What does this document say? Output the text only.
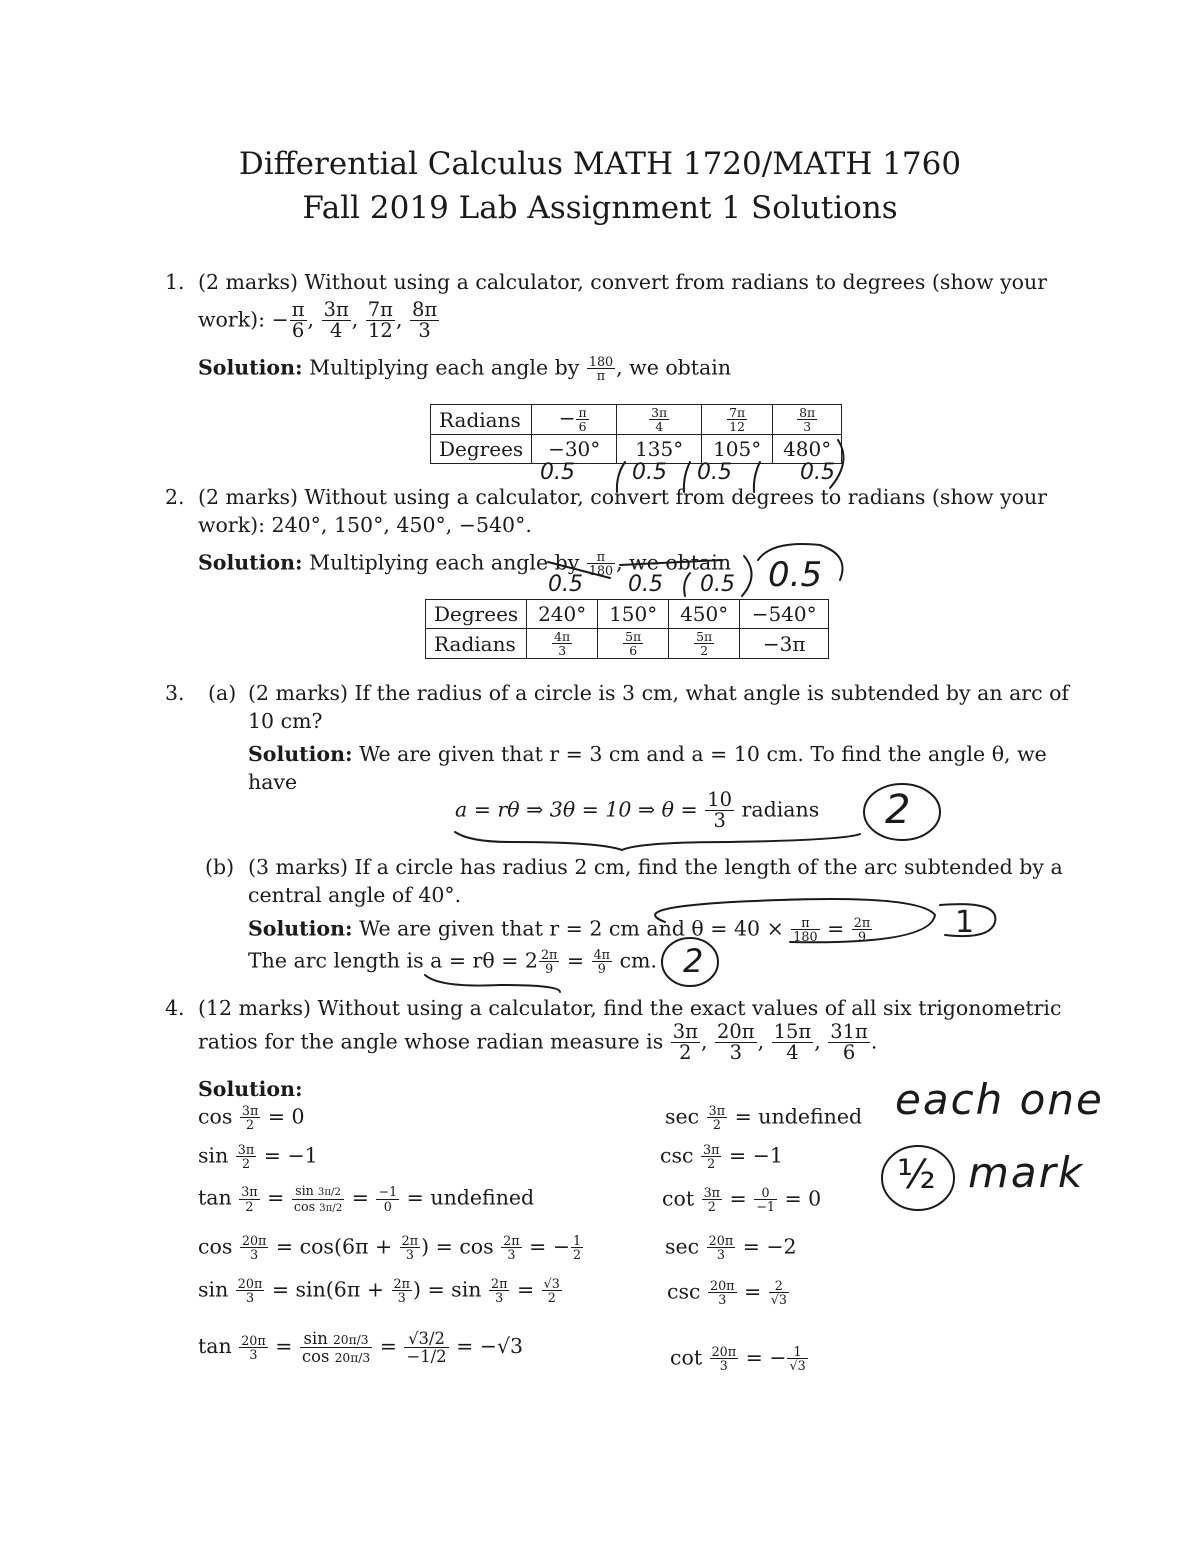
Differential Calculus MATH 1720/MATH 1760
Fall 2019 Lab Assignment 1 Solutions
1. (2 marks) Without using a calculator, convert from radians to degrees (show your
work): − $\frac{\pi}{6}$ , $\frac{3\pi}{4}$ , $\frac{7\pi}{12}$ , $\frac{8\pi}{3}$
Solution: Multiplying each angle by $\frac{180}{\pi}$ , we obtain
Radians	− $\frac{\pi}{6}$	$\frac{3\pi}{4}$	$\frac{7\pi}{12}$	$\frac{8\pi}{3}$

Degrees	−30°	135°	105°	480°
2. (2 marks) Without using a calculator, convert from degrees to radians (show your
work): 240°, 150°, 450°, −540°.
Solution: Multiplying each angle by $\frac{\pi}{180}$ , we obtain
Degrees	240°	150°	450°	−540°
Radians	$\frac{4\pi}{3}$	$\frac{5\pi}{6}$	$\frac{5\pi}{2}$	−3π
3. (a) (2 marks) If the radius of a circle is 3 cm, what angle is subtended by an arc of
10 cm?
Solution: We are given that r = 3 cm and a = 10 cm. To find the angle θ, we
have
a = rθ ⇒ 3θ = 10 ⇒ $\theta = \frac{10}{3}$ radians
(b) (3 marks) If a circle has radius 2 cm, find the length of the arc subtended by a
central angle of 40°.
Solution: We are given that r = 2 cm and $\theta = 40 \times \frac{\pi}{180} = \frac{2\pi}{9}$
The arc length is $a = r\theta = 2 \frac{2\pi}{9} = \frac{4\pi}{9}$ cm.
4. (12 marks) Without using a calculator, find the exact values of all six trigonometric
ratios for the angle whose radian measure is $\frac{3\pi}{2}$ , $\frac{20\pi}{3}$ , $\frac{15\pi}{4}$ , $\frac{31\pi}{6}$ .
Solution:
$\cos \frac{3\pi}{2} = 0$
$\sin \frac{3\pi}{2} = -1$
$\tan \frac{3\pi}{2} = \frac{\sin 3\pi/2}{\cos 3\pi/2} = \frac{-1}{0}$ = undefined
$\cos \frac{20\pi}{3} = \cos(6\pi + \frac{2\pi}{3}$ ) = $\cos \frac{2\pi}{3}$ = − $\frac{1}{2}$
$\sin \frac{20\pi}{3} = \sin(6\pi + \frac{2\pi}{3}$ ) = $\sin \frac{2\pi}{3} = \frac{√3}{2}$
$\tan \frac{20\pi}{3} = \frac{\sin 20\pi/3}{\cos 20\pi/3} = \frac{√3/2}{-1/2} = -√3$
$\sec \frac{3\pi}{2}$ = undefined
$\csc \frac{3\pi}{2} = -1$
$\cot \frac{3\pi}{2} = \frac{0}{-1} = 0$
$\sec \frac{20\pi}{3} = -2$
$\csc \frac{20\pi}{3} = \frac{2}{√3}$
$\cot \frac{20\pi}{3}$ = − $\frac{1}{√3}$
0.5	0.5 0.5	0.5
0.5 0.5 0.5 0.5
2
1
2
each one
½ mark
